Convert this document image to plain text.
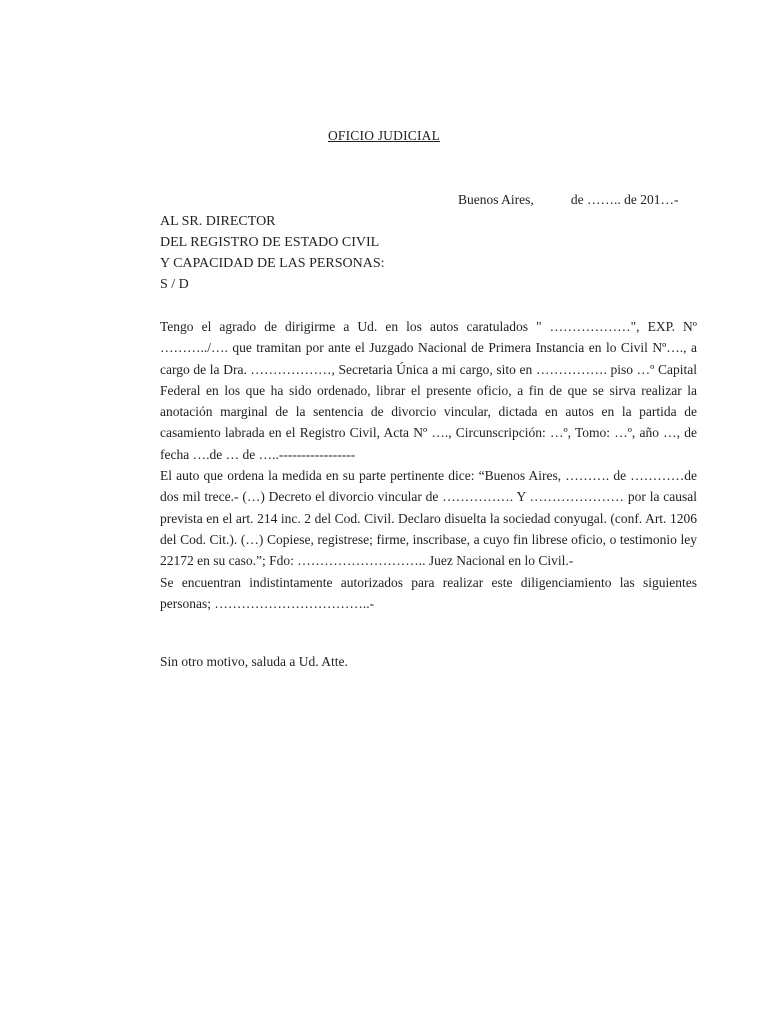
OFICIO JUDICIAL
Buenos Aires,           de …….. de 201…-
AL SR. DIRECTOR
DEL REGISTRO DE ESTADO CIVIL
Y CAPACIDAD DE LAS PERSONAS:
S / D

Tengo el agrado de dirigirme a Ud. en los autos caratulados " ………………", EXP. Nº ………../…. que tramitan por ante el Juzgado Nacional de Primera Instancia en lo Civil Nº…., a cargo de la Dra. ………………, Secretaria Única a mi cargo, sito en ……………. piso …º Capital Federal en los que ha sido ordenado, librar el presente oficio, a fin de que se sirva realizar la anotación marginal de la sentencia de divorcio vincular, dictada en autos en la partida de casamiento labrada en el Registro Civil, Acta Nº …., Circunscripción: …º, Tomo: …º, año …, de fecha ….de … de …..-----------------

El auto que ordena la medida en su parte pertinente dice: “Buenos Aires, ………. de …………de dos mil trece.- (…) Decreto el divorcio vincular de ……………. Y ………………… por la causal prevista en el art. 214 inc. 2 del Cod. Civil. Declaro disuelta la sociedad conyugal. (conf. Art. 1206 del Cod. Cit.). (…) Copiese, registrese; firme, inscribase, a cuyo fin librese oficio, o testimonio ley 22172 en su caso.”; Fdo: ……………………….. Juez Nacional en lo Civil.-

Se encuentran indistintamente autorizados para realizar este diligenciamiento las siguientes personas; ……………………………..-

Sin otro motivo, saluda a Ud. Atte.
